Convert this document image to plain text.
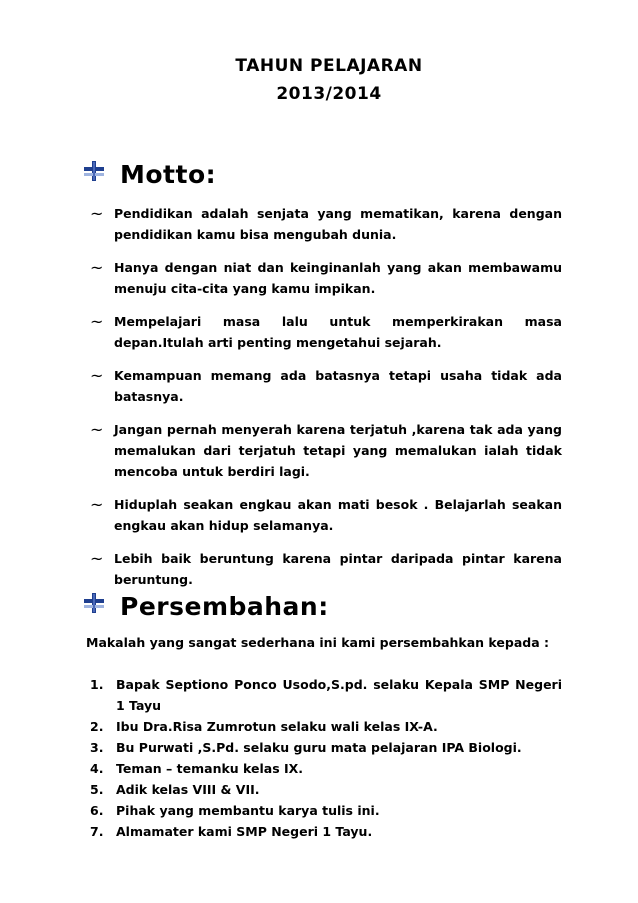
TAHUN PELAJARAN
2013/2014
Motto:
~ Pendidikan adalah senjata yang mematikan, karena dengan pendidikan kamu bisa mengubah dunia.
~ Hanya dengan niat dan keinginanlah yang akan membawamu menuju cita-cita yang kamu impikan.
~ Mempelajari masa lalu untuk memperkirakan masa depan.Itulah arti penting mengetahui sejarah.
~ Kemampuan memang ada batasnya tetapi usaha tidak ada batasnya.
~ Jangan pernah menyerah karena terjatuh ,karena tak ada yang memalukan dari terjatuh tetapi yang memalukan ialah tidak mencoba untuk berdiri lagi.
~ Hiduplah seakan engkau akan mati besok . Belajarlah seakan engkau akan hidup selamanya.
~ Lebih baik beruntung karena pintar daripada pintar karena beruntung.
Persembahan:

Makalah yang sangat sederhana ini kami persembahkan kepada :

1. Bapak Septiono Ponco Usodo,S.pd. selaku Kepala SMP Negeri 1 Tayu
2. Ibu Dra.Risa Zumrotun selaku wali kelas IX-A.
3. Bu Purwati ,S.Pd. selaku guru mata pelajaran IPA Biologi.
4. Teman – temanku kelas IX.
5. Adik kelas VIII & VII.
6. Pihak yang membantu karya tulis ini.
7. Almamater kami SMP Negeri 1 Tayu.
